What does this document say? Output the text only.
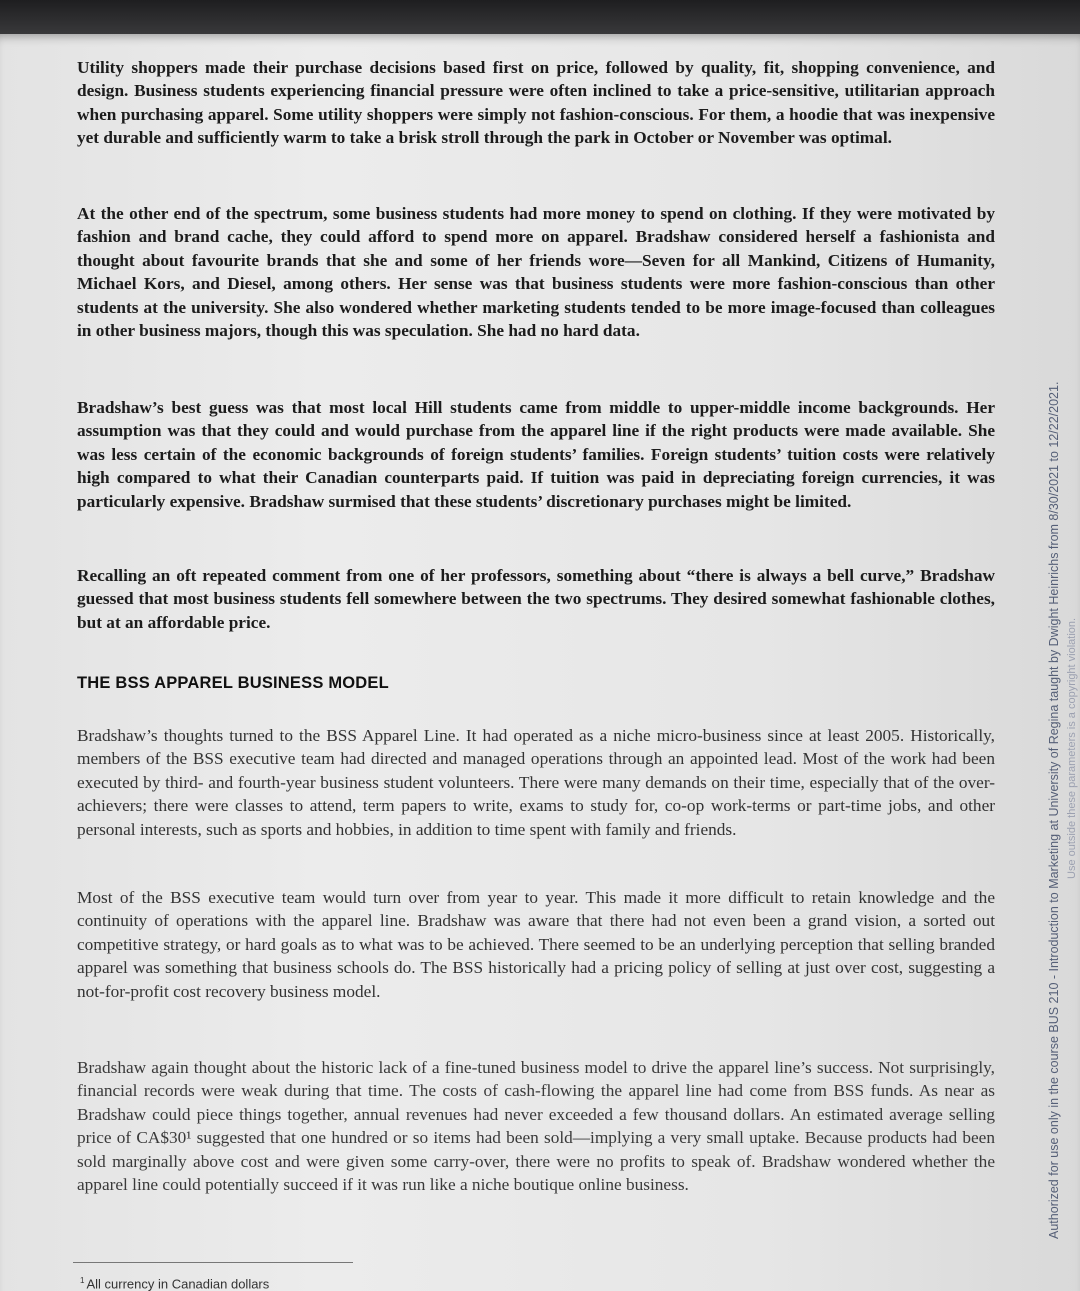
Utility shoppers made their purchase decisions based first on price, followed by quality, fit, shopping convenience, and design. Business students experiencing financial pressure were often inclined to take a price-sensitive, utilitarian approach when purchasing apparel. Some utility shoppers were simply not fashion-conscious. For them, a hoodie that was inexpensive yet durable and sufficiently warm to take a brisk stroll through the park in October or November was optimal.

At the other end of the spectrum, some business students had more money to spend on clothing. If they were motivated by fashion and brand cache, they could afford to spend more on apparel. Bradshaw considered herself a fashionista and thought about favourite brands that she and some of her friends wore—Seven for all Mankind, Citizens of Humanity, Michael Kors, and Diesel, among others. Her sense was that business students were more fashion-conscious than other students at the university. She also wondered whether marketing students tended to be more image-focused than colleagues in other business majors, though this was speculation. She had no hard data.

Bradshaw’s best guess was that most local Hill students came from middle to upper-middle income backgrounds. Her assumption was that they could and would purchase from the apparel line if the right products were made available. She was less certain of the economic backgrounds of foreign students’ families. Foreign students’ tuition costs were relatively high compared to what their Canadian counterparts paid. If tuition was paid in depreciating foreign currencies, it was particularly expensive. Bradshaw surmised that these students’ discretionary purchases might be limited.

Recalling an oft repeated comment from one of her professors, something about “there is always a bell curve,” Bradshaw guessed that most business students fell somewhere between the two spectrums. They desired somewhat fashionable clothes, but at an affordable price.

THE BSS APPAREL BUSINESS MODEL

Bradshaw’s thoughts turned to the BSS Apparel Line. It had operated as a niche micro-business since at least 2005. Historically, members of the BSS executive team had directed and managed operations through an appointed lead. Most of the work had been executed by third- and fourth-year business student volunteers. There were many demands on their time, especially that of the over-achievers; there were classes to attend, term papers to write, exams to study for, co-op work-terms or part-time jobs, and other personal interests, such as sports and hobbies, in addition to time spent with family and friends.

Most of the BSS executive team would turn over from year to year. This made it more difficult to retain knowledge and the continuity of operations with the apparel line. Bradshaw was aware that there had not even been a grand vision, a sorted out competitive strategy, or hard goals as to what was to be achieved. There seemed to be an underlying perception that selling branded apparel was something that business schools do. The BSS historically had a pricing policy of selling at just over cost, suggesting a not-for-profit cost recovery business model.

Bradshaw again thought about the historic lack of a fine-tuned business model to drive the apparel line’s success. Not surprisingly, financial records were weak during that time. The costs of cash-flowing the apparel line had come from BSS funds. As near as Bradshaw could piece things together, annual revenues had never exceeded a few thousand dollars. An estimated average selling price of CA$30¹ suggested that one hundred or so items had been sold—implying a very small uptake. Because products had been sold marginally above cost and were given some carry-over, there were no profits to speak of. Bradshaw wondered whether the apparel line could potentially succeed if it was run like a niche boutique online business.

$^1$ All currency in Canadian dollars
Authorized for use only in the course BUS 210 - Introduction to Marketing at University of Regina taught by Dwight Heinrichs from 8/30/2021 to 12/22/2021. Use outside these parameters is a copyright violation.
